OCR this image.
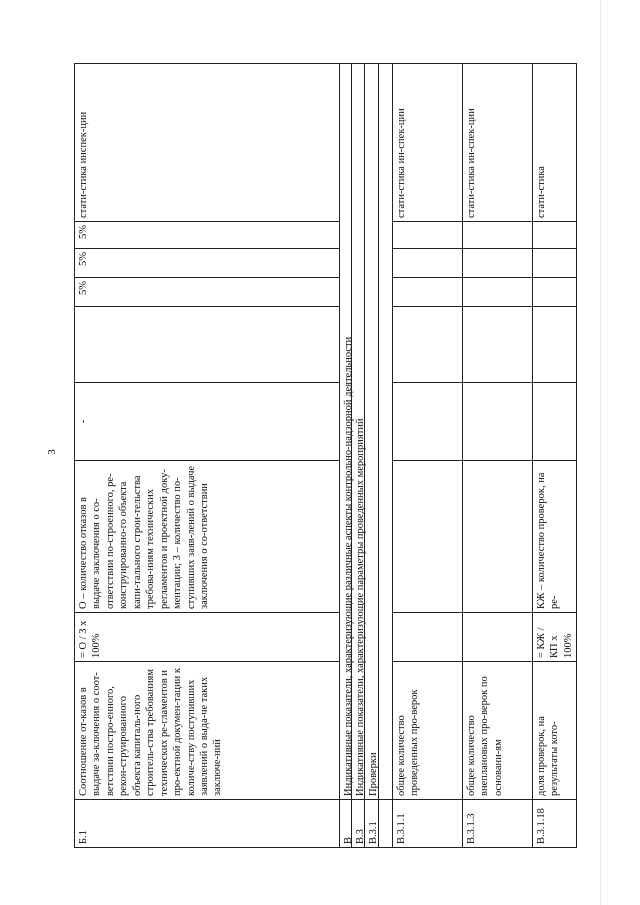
3
Б.1
Соотношение от-казов в выдаче за-ключения о соот-ветствии постро-енного, рекон-струированного объекта капиталь-ного строитель-ства требованиям технических ре-гламентов и про-ектной докумен-тации к количе-ству поступивших заявлений о выда-че таких заключе-ний
= О / З х 100%
О – количество отказов в выдаче заключения о со-ответствии по-строенного, ре-конструированно-го объекта капи-тального строи-тельства требова-ниям технических регламентов и проектной доку-ментации; З – количество по-ступивших заяв-лений о выдаче заключения о со-ответствии
-
5%
5%
5%
стати-стика инспек-ции
В
Индикативные показатели, характеризующие различные аспекты контрольно-надзорной деятельности
В.3
Индикативные показатели, характеризующие параметры проведенных мероприятий
В.3.1
Проверки
В.3.1.1
общее количество проведенных про-верок
стати-стика ин-спек-ции
В.3.1.3
общее количество внеплановых про-верок по основани-ям
стати-стика ин-спек-ции
В.3.1.18
доля проверок, на результаты кото-
= КЖ / КП х 100%
КЖ – количество проверок, на ре-
стати-стика
